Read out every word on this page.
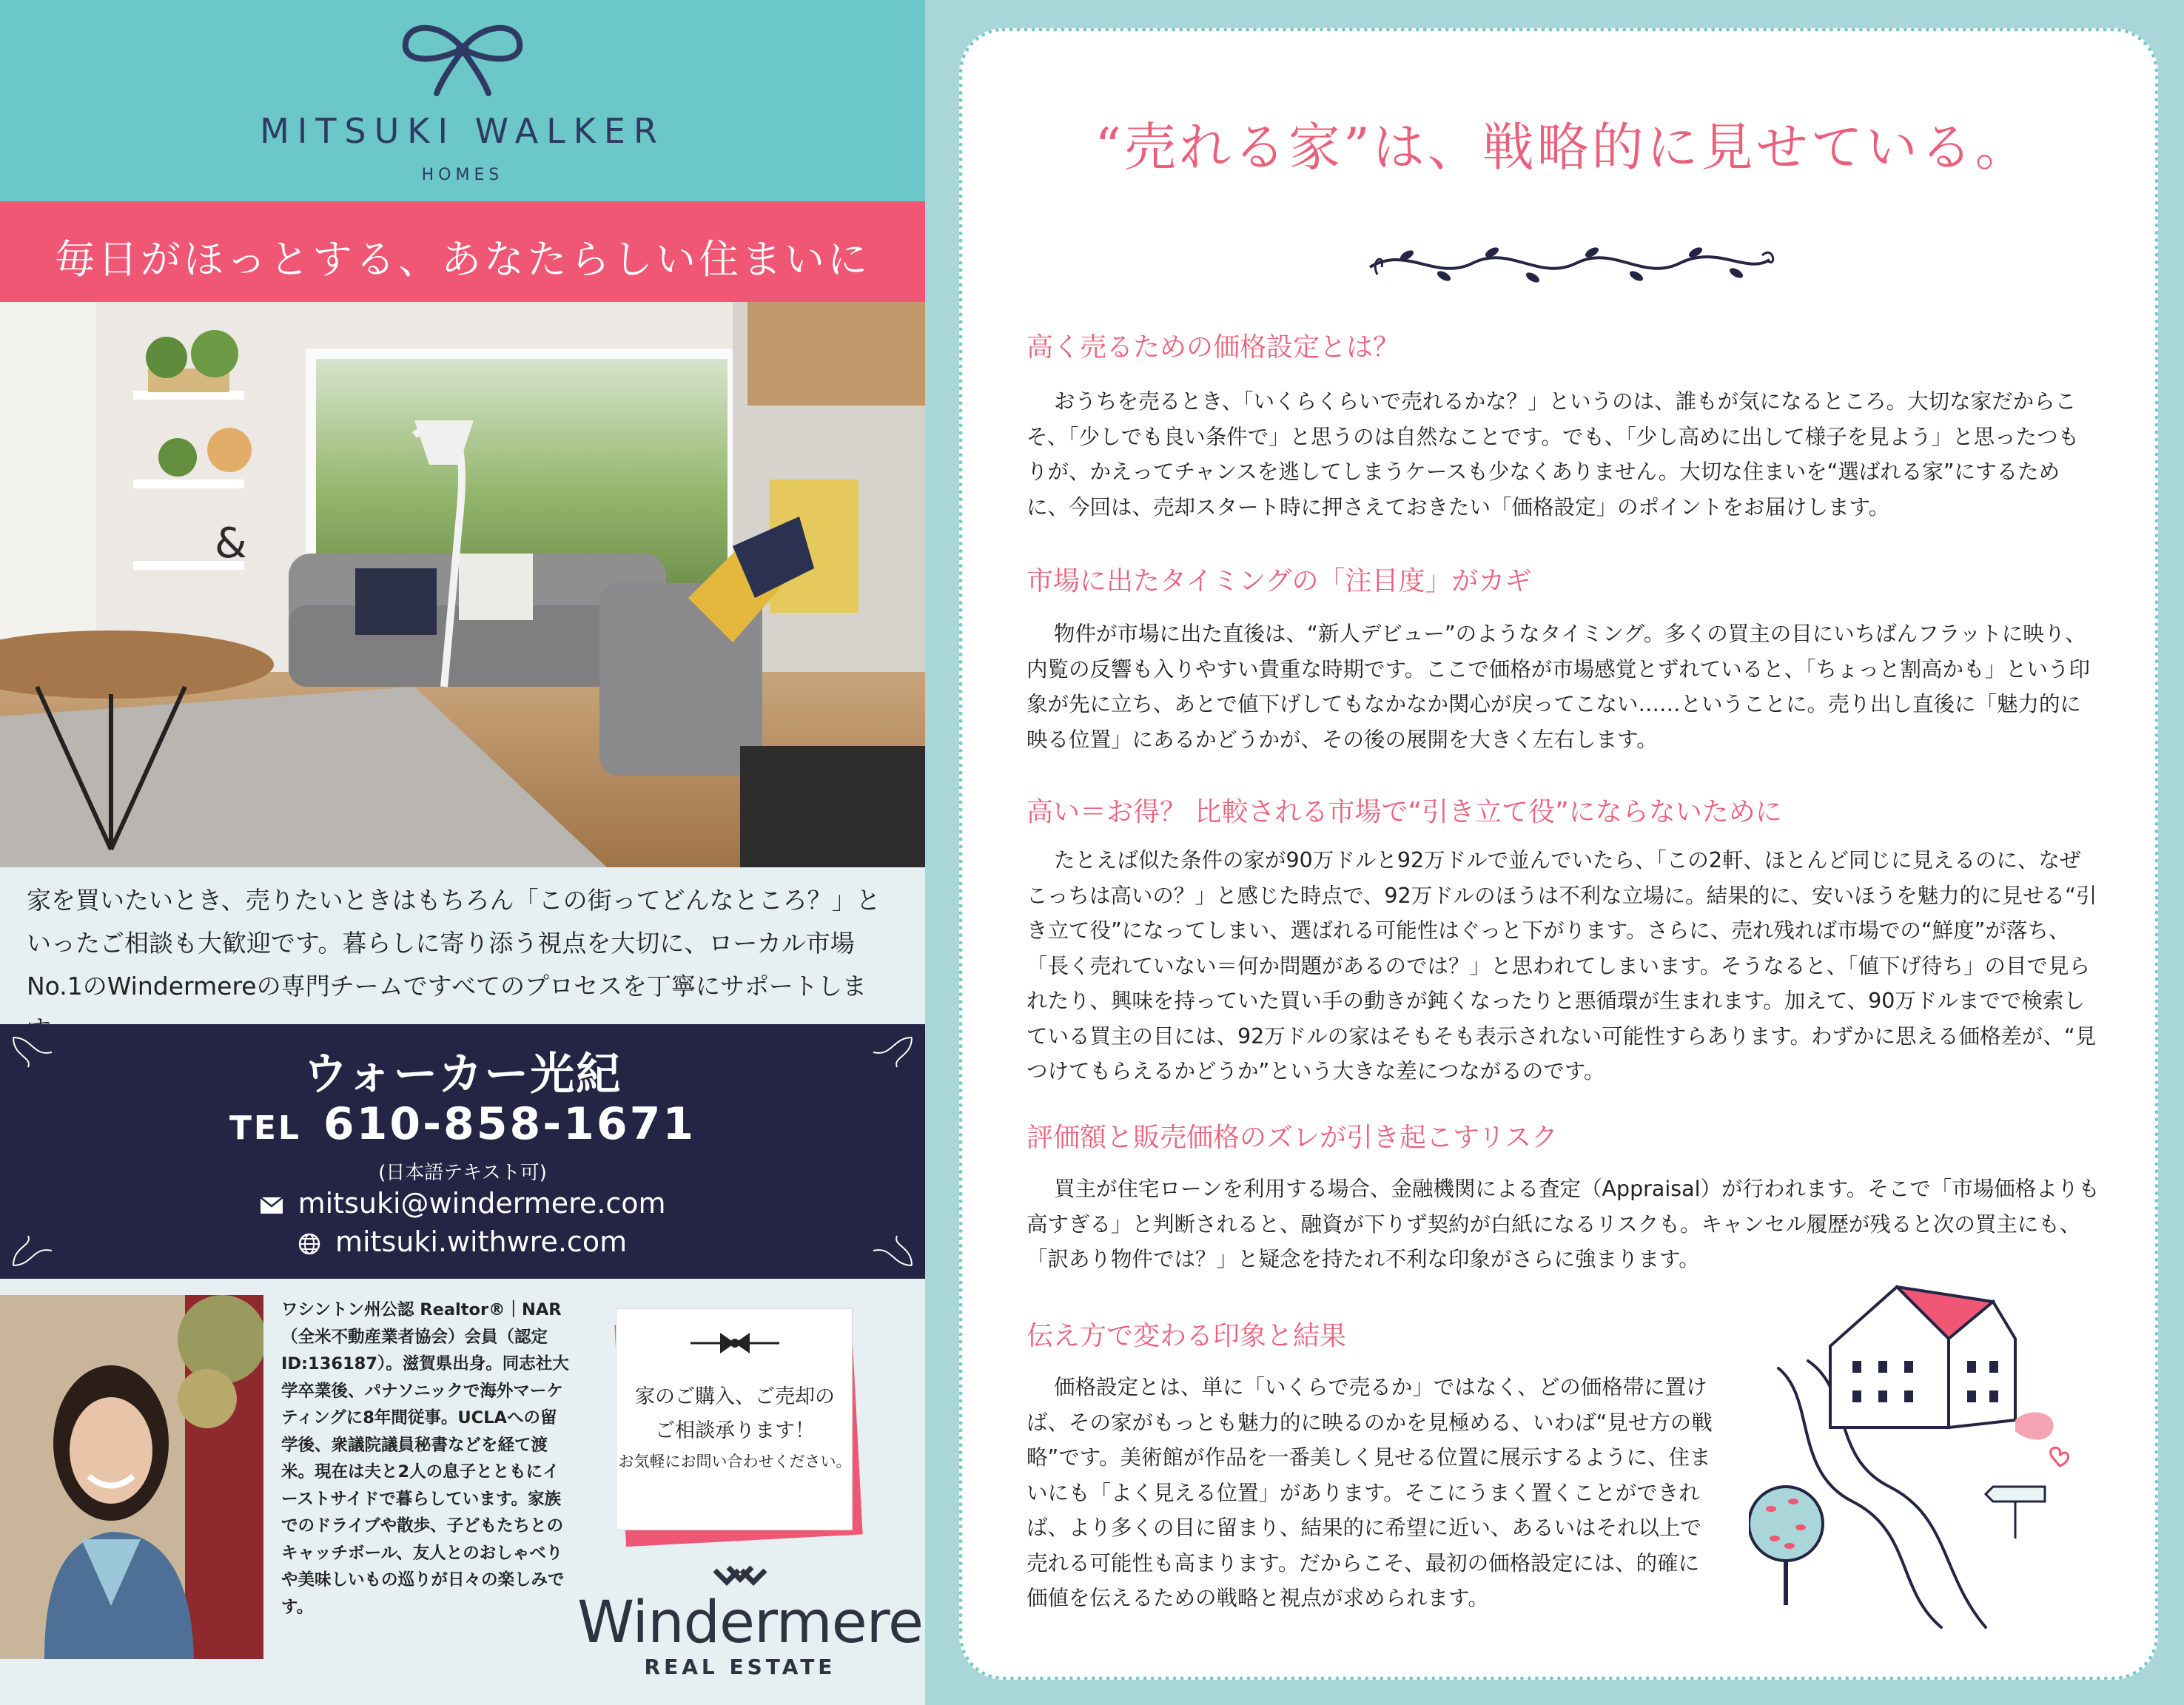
MITSUKI WALKER
HOMES
毎日がほっとする、あなたらしい住まいに
&
家を買いたいとき、売りたいときはもちろん「この街ってどんなところ？」といったご相談も大歓迎です。暮らしに寄り添う視点を大切に、ローカル市場No.1のWindermereの専門チームですべてのプロセスを丁寧にサポートしま
ウォーカー光紀
TEL 610-858-1671
(日本語テキスト可)
mitsuki@windermere.com
mitsuki.withwre.com
ワシントン州公認 Realtor®｜NAR（全米不動産業者協会）会員（認定ID:136187）。滋賀県出身。同志社大学卒業後、パナソニックで海外マーケティングに8年間従事。UCLAへの留学後、衆議院議員秘書などを経て渡米。現在は夫と2人の息子とともにイーストサイドで暮らしています。家族でのドライブや散歩、子どもたちとのキャッチボール、友人とのおしゃべりや美味しいもの巡りが日々の楽しみです。
家のご購入、ご売却の
ご相談承ります！
お気軽にお問い合わせください。
Windermere
REAL ESTATE
“売れる家”は、戦略的に見せている。
高く売るための価格設定とは？
おうちを売るとき、「いくらくらいで売れるかな？」というのは、誰もが気になるところ。大切な家だからこそ、「少しでも良い条件で」と思うのは自然なことです。でも、「少し高めに出して様子を見よう」と思ったつもりが、かえってチャンスを逃してしまうケースも少なくありません。大切な住まいを“選ばれる家”にするために、今回は、売却スタート時に押さえておきたい「価格設定」のポイントをお届けします。
市場に出たタイミングの「注目度」がカギ
物件が市場に出た直後は、“新人デビュー”のようなタイミング。多くの買主の目にいちばんフラットに映り、内覧の反響も入りやすい貴重な時期です。ここで価格が市場感覚とずれていると、「ちょっと割高かも」という印象が先に立ち、あとで値下げしてもなかなか関心が戻ってこない……ということに。売り出し直後に「魅力的に映る位置」にあるかどうかが、その後の展開を大きく左右します。
高い＝お得？ 比較される市場で“引き立て役”にならないために
たとえば似た条件の家が90万ドルと92万ドルで並んでいたら、「この2軒、ほとんど同じに見えるのに、なぜこっちは高いの？」と感じた時点で、92万ドルのほうは不利な立場に。結果的に、安いほうを魅力的に見せる“引き立て役”になってしまい、選ばれる可能性はぐっと下がります。さらに、売れ残れば市場での“鮮度”が落ち、「長く売れていない＝何か問題があるのでは？」と思われてしまいます。そうなると、「値下げ待ち」の目で見られたり、興味を持っていた買い手の動きが鈍くなったりと悪循環が生まれます。加えて、90万ドルまでで検索している買主の目には、92万ドルの家はそもそも表示されない可能性すらあります。わずかに思える価格差が、“見つけてもらえるかどうか”という大きな差につながるのです。
評価額と販売価格のズレが引き起こすリスク
買主が住宅ローンを利用する場合、金融機関による査定（Appraisal）が行われます。そこで「市場価格よりも高すぎる」と判断されると、融資が下りず契約が白紙になるリスクも。キャンセル履歴が残ると次の買主にも、「訳あり物件では？」と疑念を持たれ不利な印象がさらに強まります。
伝え方で変わる印象と結果
価格設定とは、単に「いくらで売るか」ではなく、どの価格帯に置けば、その家がもっとも魅力的に映るのかを見極める、いわば“見せ方の戦略”です。美術館が作品を一番美しく見せる位置に展示するように、住まいにも「よく見える位置」があります。そこにうまく置くことができれば、より多くの目に留まり、結果的に希望に近い、あるいはそれ以上で売れる可能性も高まります。だからこそ、最初の価格設定には、的確に価値を伝えるための戦略と視点が求められます。
